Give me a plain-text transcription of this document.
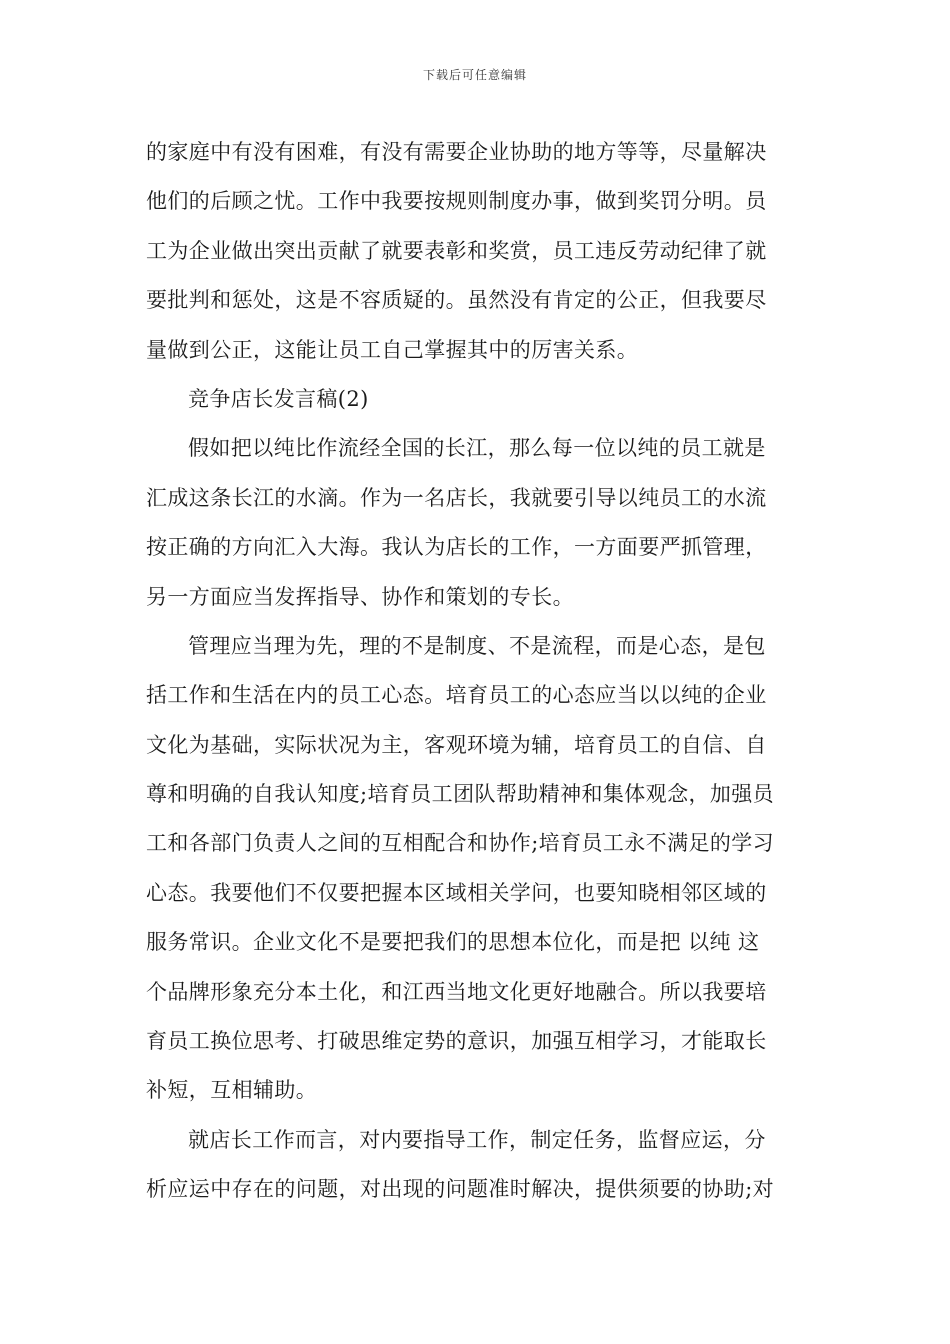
下载后可任意编辑
的家庭中有没有困难，有没有需要企业协助的地方等等，尽量解决
他们的后顾之忧。工作中我要按规则制度办事，做到奖罚分明。员
工为企业做出突出贡献了就要表彰和奖赏，员工违反劳动纪律了就
要批判和惩处，这是不容质疑的。虽然没有肯定的公正，但我要尽
量做到公正，这能让员工自己掌握其中的厉害关系。
竞争店长发言稿(2)
假如把以纯比作流经全国的长江，那么每一位以纯的员工就是
汇成这条长江的水滴。作为一名店长，我就要引导以纯员工的水流
按正确的方向汇入大海。我认为店长的工作，一方面要严抓管理，
另一方面应当发挥指导、协作和策划的专长。
管理应当理为先，理的不是制度、不是流程，而是心态，是包
括工作和生活在内的员工心态。培育员工的心态应当以以纯的企业
文化为基础，实际状况为主，客观环境为辅，培育员工的自信、自
尊和明确的自我认知度;培育员工团队帮助精神和集体观念，加强员
工和各部门负责人之间的互相配合和协作;培育员工永不满足的学习
心态。我要他们不仅要把握本区域相关学问，也要知晓相邻区域的
服务常识。企业文化不是要把我们的思想本位化，而是把 以纯 这
个品牌形象充分本土化，和江西当地文化更好地融合。所以我要培
育员工换位思考、打破思维定势的意识，加强互相学习，才能取长
补短，互相辅助。
就店长工作而言，对内要指导工作，制定任务，监督应运，分
析应运中存在的问题，对出现的问题准时解决，提供须要的协助;对
